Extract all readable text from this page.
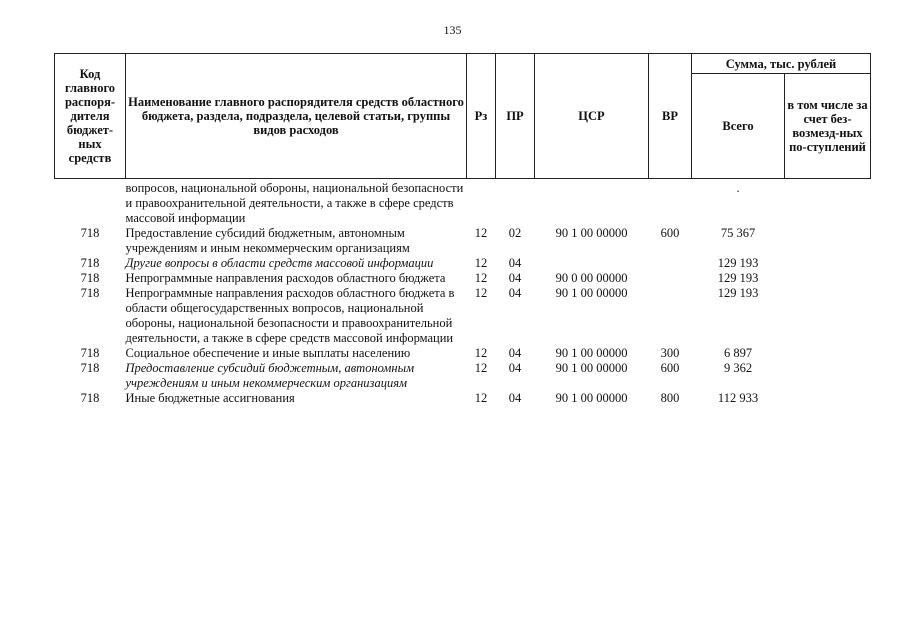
135
Код главного распоря-дителя бюджет-ных средств	Наименование главного распорядителя средств областного бюджета, раздела, подраздела, целевой статьи, группы видов расходов	Рз	ПР	ЦСР	ВР	Сумма, тыс. рублей	
						Всего	в том числе за счет без-возмезд-ных по-ступлений
	вопросов, национальной обороны, национальной безопасности и правоохранительной деятельности, а также в сфере средств массовой информации					.	
718	Предоставление субсидий бюджетным, автономным учреждениям и иным некоммерческим организациям	12	02	90 1 00 00000	600	75 367	
718	Другие вопросы в области средств массовой информации	12	04			129 193	
718	Непрограммные направления расходов областного бюджета	12	04	90 0 00 00000		129 193	
718	Непрограммные направления расходов областного бюджета в области общегосударственных вопросов, национальной обороны, национальной безопасности и правоохранительной деятельности, а также в сфере средств массовой информации	12	04	90 1 00 00000		129 193	
718	Социальное обеспечение и иные выплаты населению	12	04	90 1 00 00000	300	6 897	
718	Предоставление субсидий бюджетным, автономным учреждениям и иным некоммерческим организациям	12	04	90 1 00 00000	600	9 362	
718	Иные бюджетные ассигнования	12	04	90 1 00 00000	800	112 933	
